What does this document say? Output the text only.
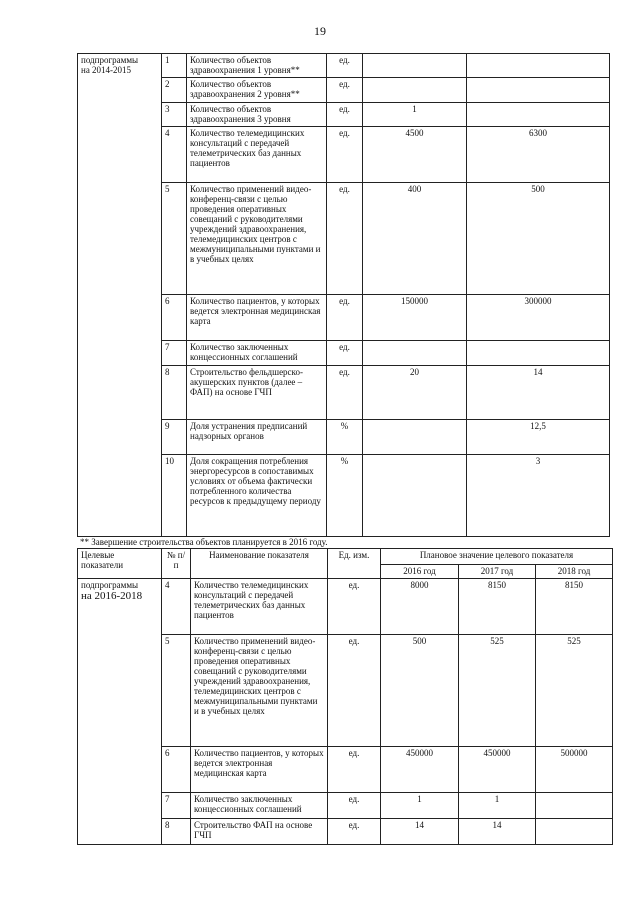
19
подпрограммы
на 2014-2015	1	Количество объектов здравоохранения 1 уровня**	ед.		
	2	Количество объектов здравоохранения 2 уровня**	ед.		
	3	Количество объектов здравоохранения 3 уровня	ед.	1	
	4	Количество телемедицинских консультаций с передачей телеметрических баз данных пациентов	ед.	4500	6300
	5	Количество применений видео-конференц-связи с целью проведения оперативных совещаний с руководителями учреждений здравоохранения, телемедицинских центров с межмуниципальными пунктами и в учебных целях	ед.	400	500
	6	Количество пациентов, у которых ведется электронная медицинская карта	ед.	150000	300000
	7	Количество заключенных концессионных соглашений	ед.		
	8	Строительство фельдшерско-акушерских пунктов (далее – ФАП) на основе ГЧП	ед.	20	14
	9	Доля устранения предписаний надзорных органов	%		12,5
	10	Доля сокращения потребления энергоресурсов в сопоставимых условиях от объема фактически потребленного количества ресурсов к предыдущему периоду	%		3
** Завершение строительства объектов планируется в 2016 году.
Целевые показатели	№ п/п	Наименование показателя	Ед. изм.	Плановое значение целевого показателя		
				2016 год	2017 год	2018 год

подпрограммы
на 2016-2018	4	Количество телемедицинских консультаций с передачей телеметрических баз данных пациентов	ед.	8000	8150	8150
	5	Количество применений видео-конференц-связи с целью проведения оперативных совещаний с руководителями учреждений здравоохранения, телемедицинских центров с межмуниципальными пунктами и в учебных целях	ед.	500	525	525
	6	Количество пациентов, у которых ведется электронная медицинская карта	ед.	450000	450000	500000
	7	Количество заключенных концессионных соглашений	ед.	1	1	
	8	Строительство ФАП на основе ГЧП	ед.	14	14	
